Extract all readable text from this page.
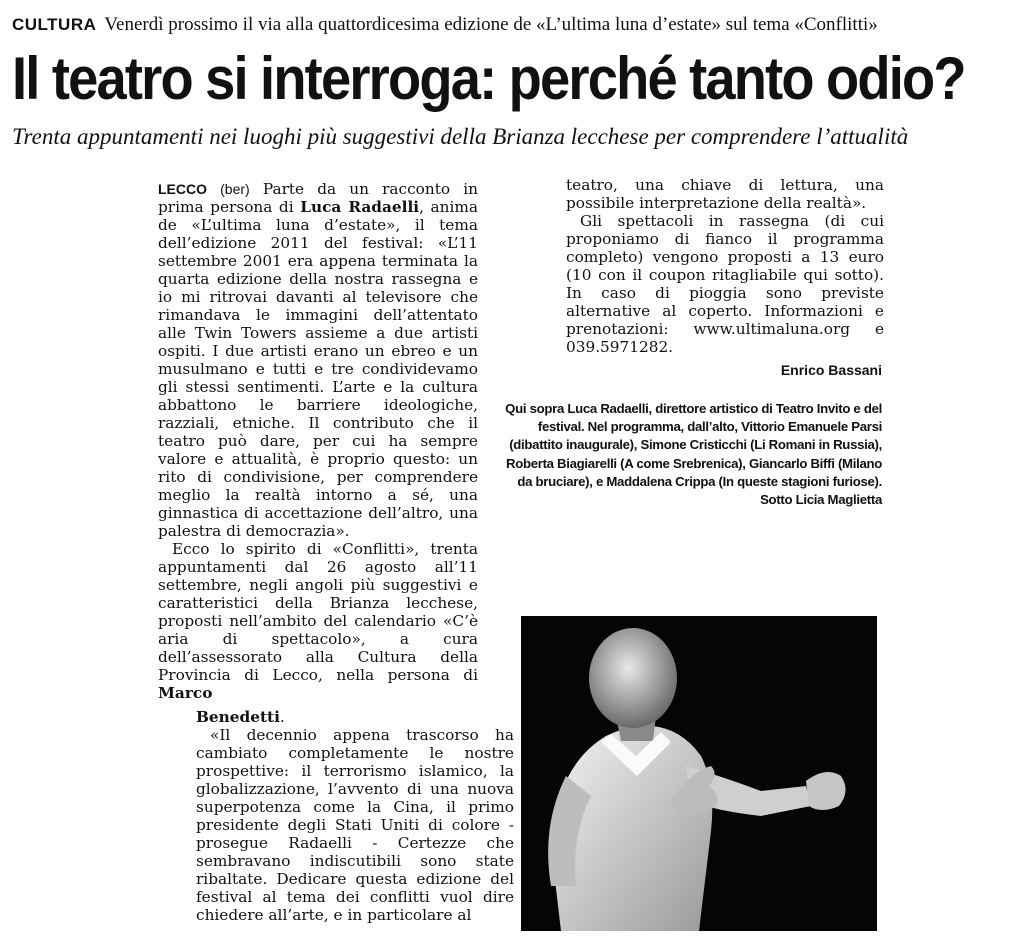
CULTURA Venerdì prossimo il via alla quattordicesima edizione de «L’ultima luna d’estate» sul tema «Conflitti»
Il teatro si interroga: perché tanto odio?
Trenta appuntamenti nei luoghi più suggestivi della Brianza lecchese per comprendere l’attualità

LECCO (ber) Parte da un racconto in prima persona di Luca Radaelli, anima de «L’ultima luna d’estate», il tema dell’edizione 2011 del festival: «L’11 settembre 2001 era appena terminata la quarta edizione della nostra rassegna e io mi ritrovai davanti al televisore che rimandava le immagini dell’attentato alle Twin Towers assieme a due artisti ospiti. I due artisti erano un ebreo e un musulmano e tutti e tre condividevamo gli stessi sentimenti. L’arte e la cultura abbattono le barriere ideologiche, razziali, etniche. Il contributo che il teatro può dare, per cui ha sempre valore e attualità, è proprio questo: un rito di condivisione, per comprendere meglio la realtà intorno a sé, una ginnastica di accettazione dell’altro, una palestra di democrazia».

Ecco lo spirito di «Conflitti», trenta appuntamenti dal 26 agosto all’11 settembre, negli angoli più suggestivi e caratteristici della Brianza lecchese, proposti nell’ambito del calendario «C’è aria di spettacolo», a cura dell’assessorato alla Cultura della Provincia di Lecco, nella persona di Marco

Benedetti.

«Il decennio appena trascorso ha cambiato completamente le nostre prospettive: il terrorismo islamico, la globalizzazione, l’avvento di una nuova superpotenza come la Cina, il primo presidente degli Stati Uniti di colore - prosegue Radaelli - Certezze che sembravano indiscutibili sono state ribaltate. Dedicare questa edizione del festival al tema dei conflitti vuol dire chiedere all’arte, e in particolare al

teatro, una chiave di lettura, una possibile interpretazione della realtà».

Gli spettacoli in rassegna (di cui proponiamo di fianco il programma completo) vengono proposti a 13 euro (10 con il coupon ritagliabile qui sotto). In caso di pioggia sono previste alternative al coperto. Informazioni e prenotazioni: www.ultimaluna.org e 039.5971282.

Enrico Bassani
Qui sopra Luca Radaelli, direttore artistico di Teatro Invito e del festival. Nel programma, dall’alto, Vittorio Emanuele Parsi (dibattito inaugurale), Simone Cristicchi (Li Romani in Russia), Roberta Biagiarelli (A come Srebrenica), Giancarlo Biffi (Milano da bruciare), e Maddalena Crippa (In queste stagioni furiose). Sotto Licia Maglietta
